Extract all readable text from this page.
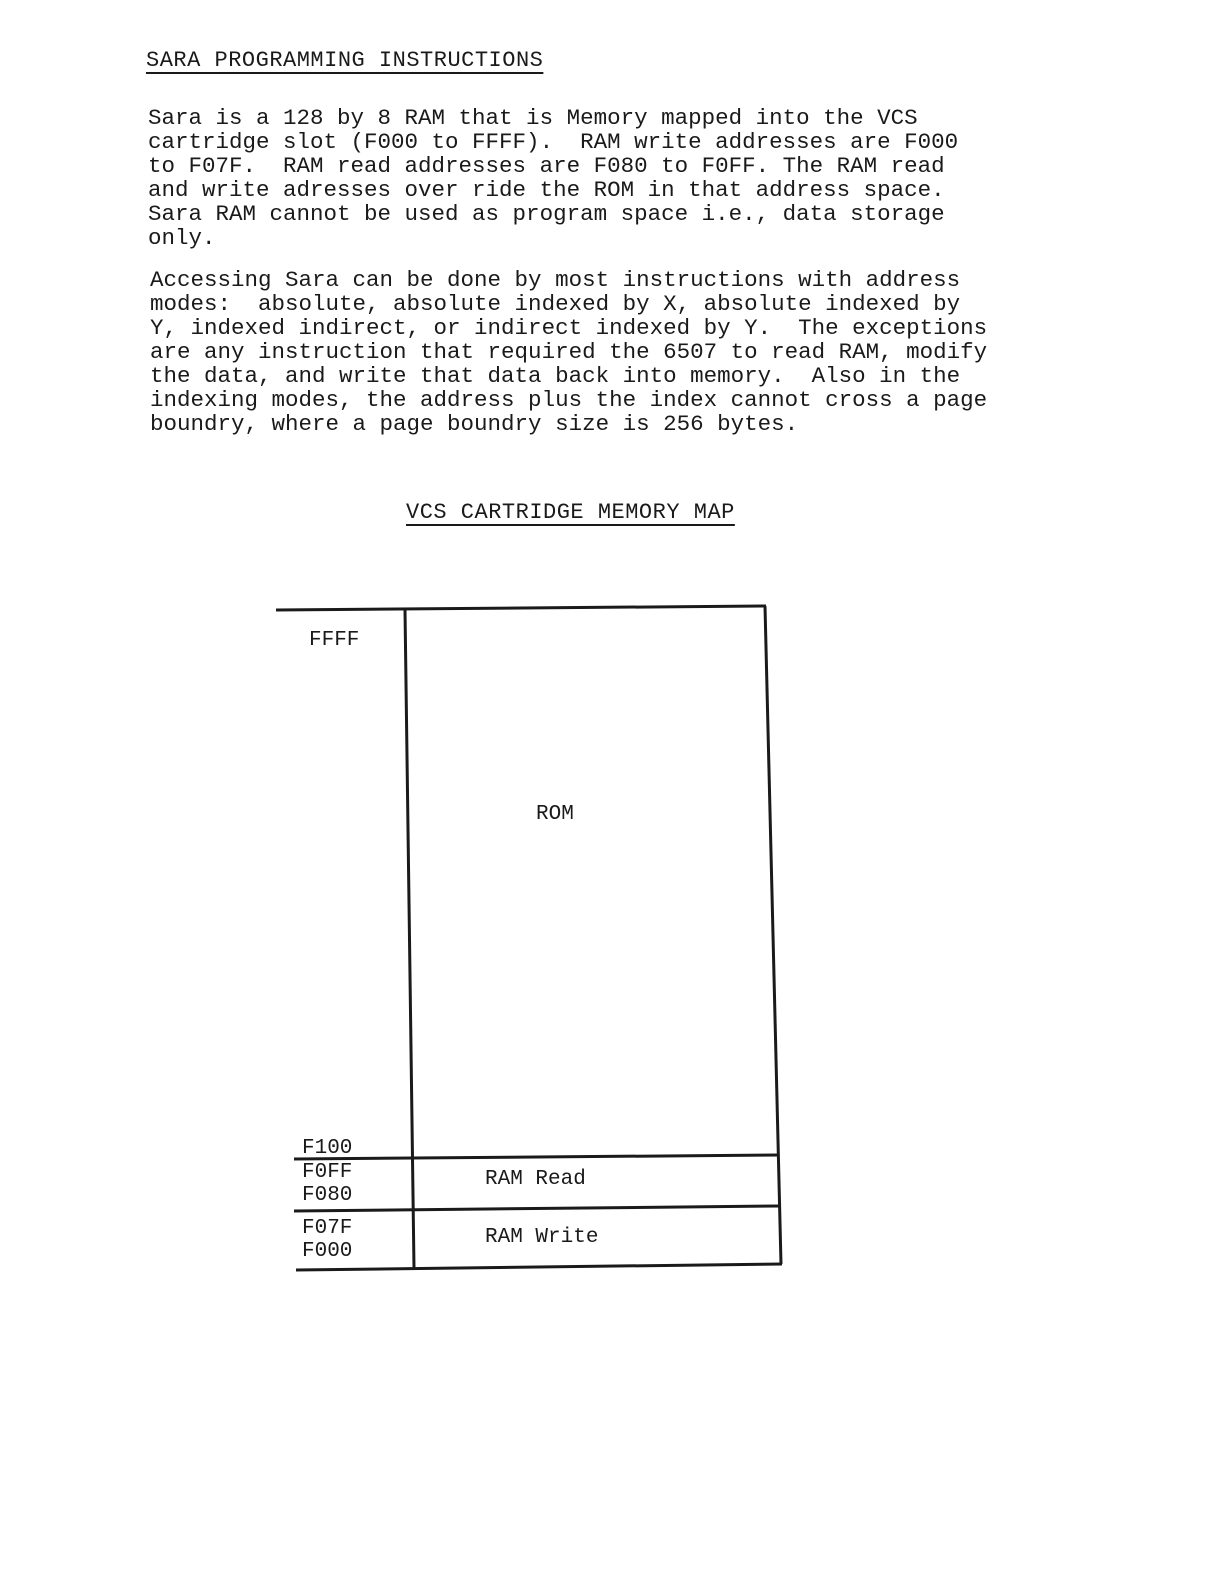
SARA PROGRAMMING INSTRUCTIONS
Sara is a 128 by 8 RAM that is Memory mapped into the VCS
cartridge slot (F000 to FFFF).  RAM write addresses are F000
to F07F.  RAM read addresses are F080 to F0FF. The RAM read
and write adresses over ride the ROM in that address space.
Sara RAM cannot be used as program space i.e., data storage
only.
Accessing Sara can be done by most instructions with address
modes:  absolute, absolute indexed by X, absolute indexed by
Y, indexed indirect, or indirect indexed by Y.  The exceptions
are any instruction that required the 6507 to read RAM, modify
the data, and write that data back into memory.  Also in the
indexing modes, the address plus the index cannot cross a page
boundry, where a page boundry size is 256 bytes.
VCS CARTRIDGE MEMORY MAP
FFFF
ROM
F100
F0FF
F080
RAM Read
F07F
F000
RAM Write
